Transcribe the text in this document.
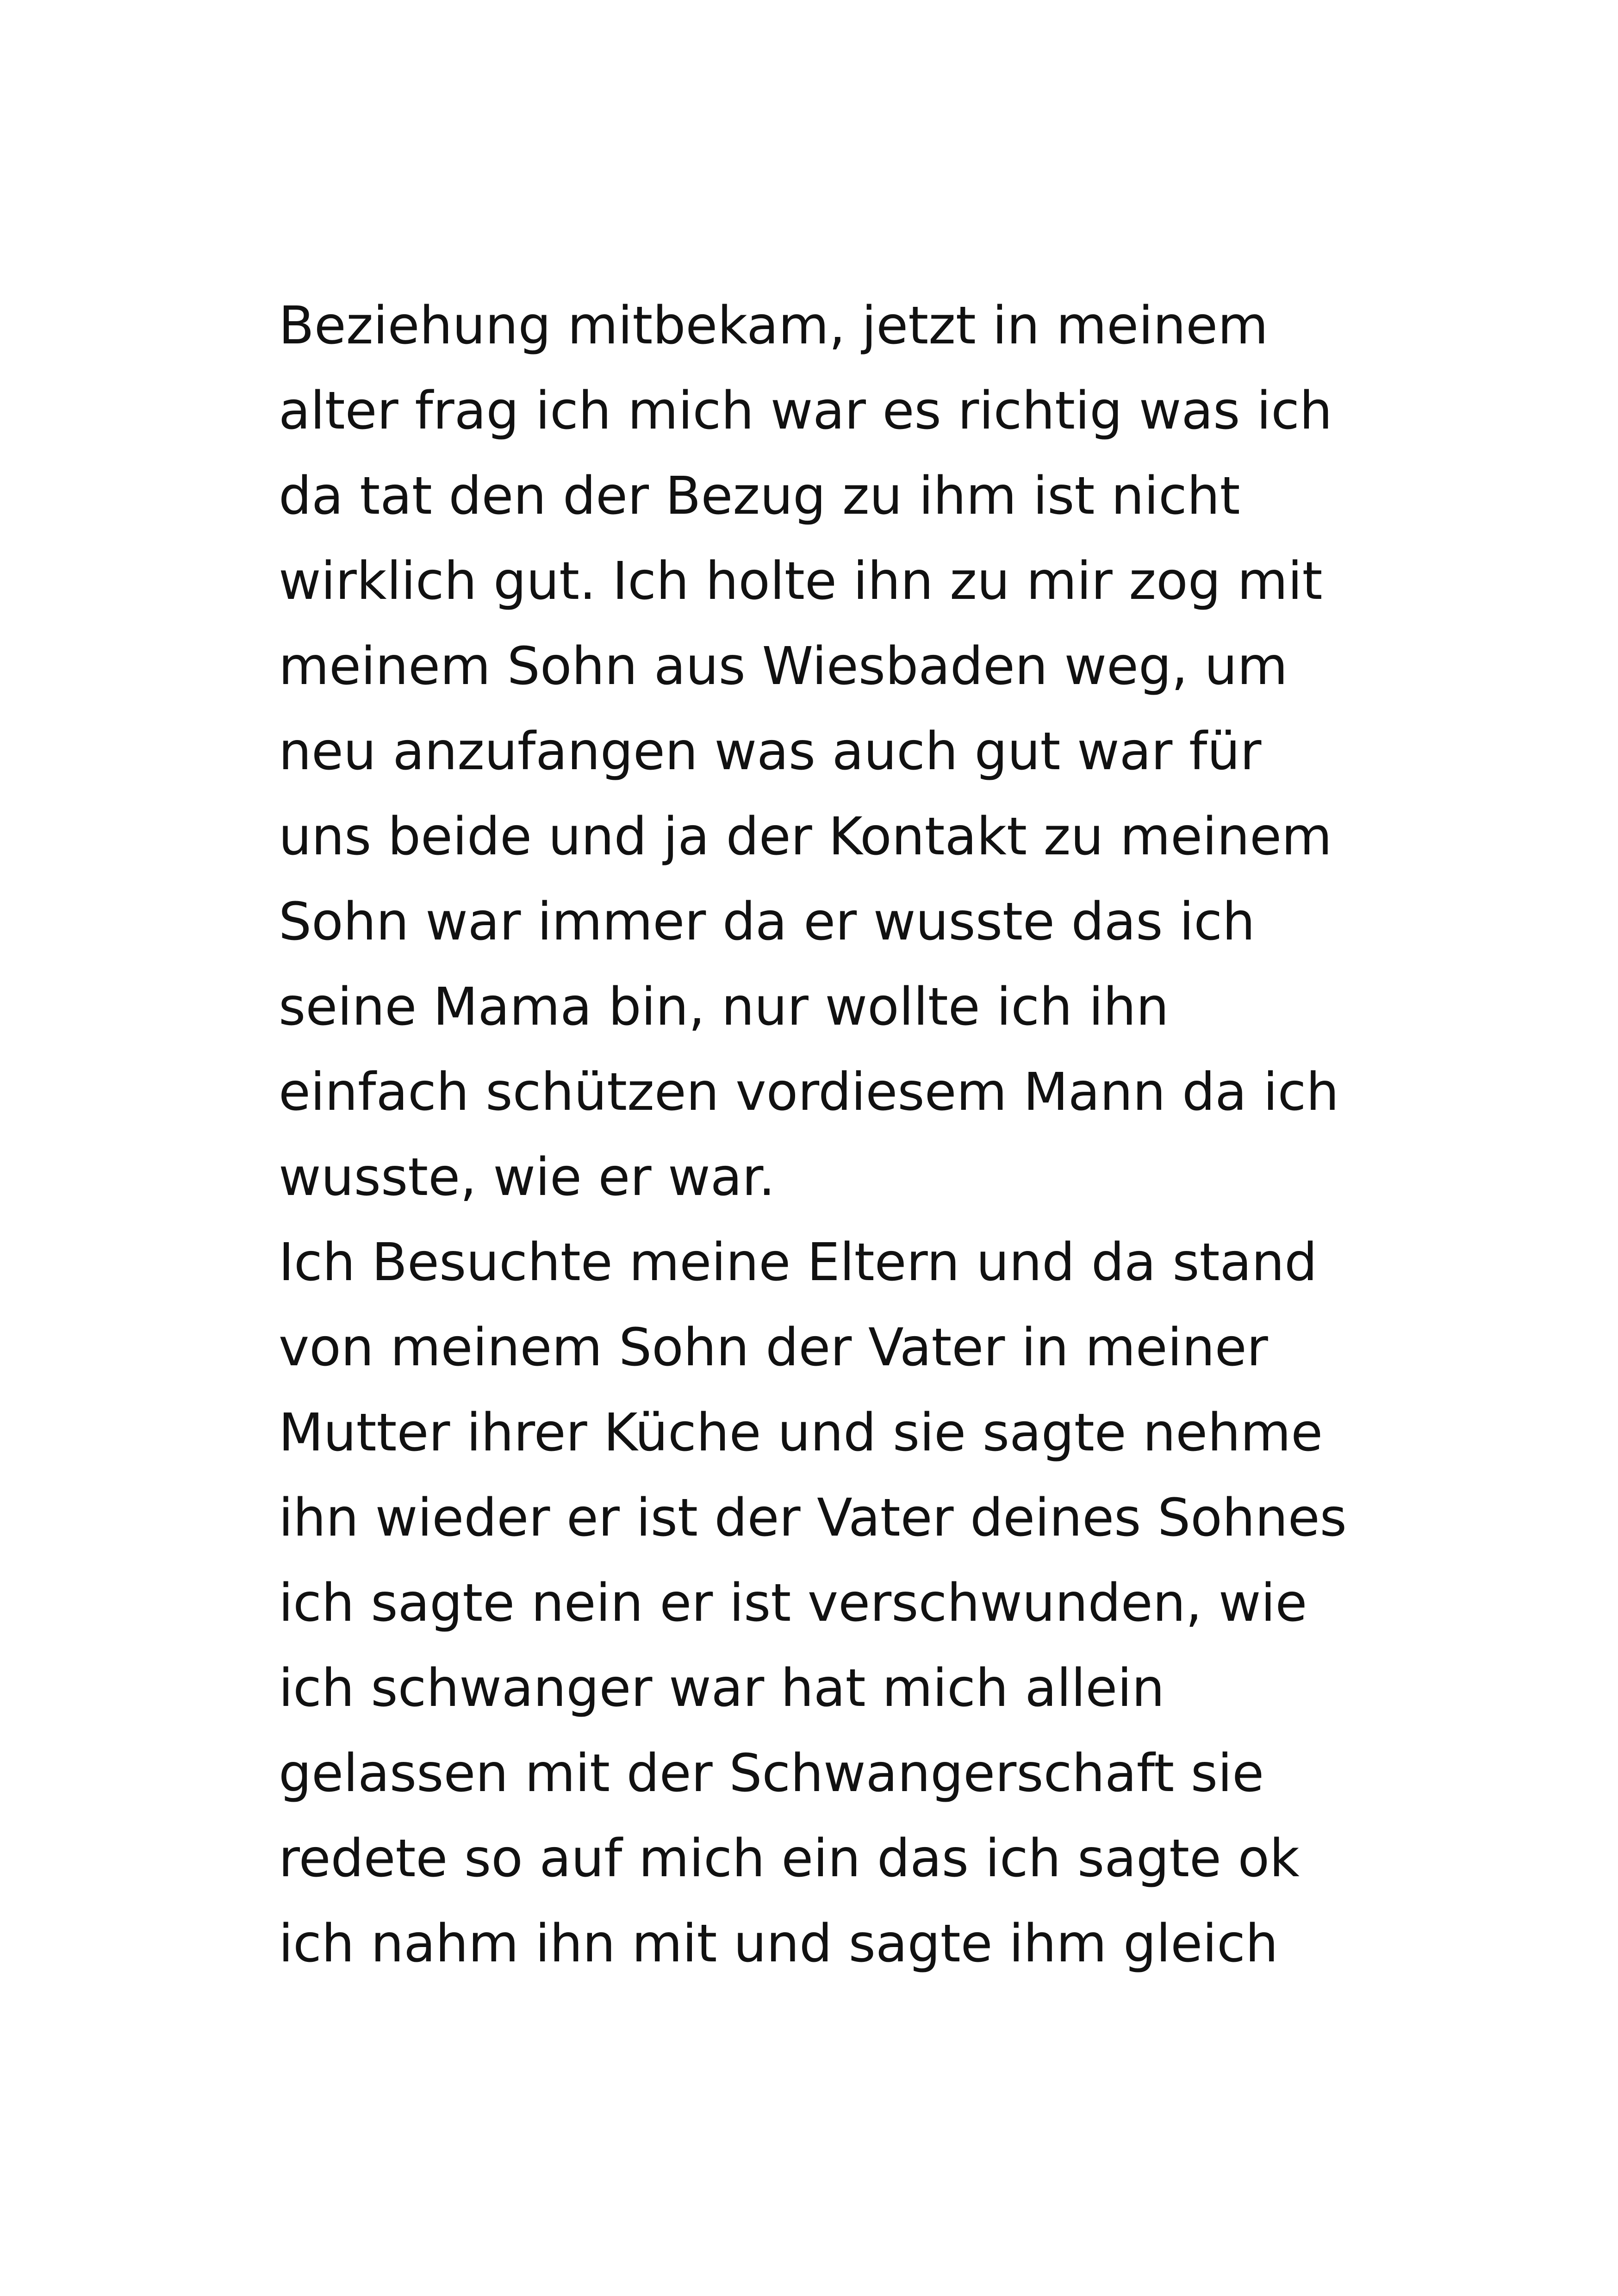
Beziehung mitbekam, jetzt in meinem
alter frag ich mich war es richtig was ich
da tat den der Bezug zu ihm ist nicht
wirklich gut. Ich holte ihn zu mir zog mit
meinem Sohn aus Wiesbaden weg, um
neu anzufangen was auch gut war für
uns beide und ja der Kontakt zu meinem
Sohn war immer da er wusste das ich
seine Mama bin, nur wollte ich ihn
einfach schützen vordiesem Mann da ich
wusste, wie er war.
Ich Besuchte meine Eltern und da stand
von meinem Sohn der Vater in meiner
Mutter ihrer Küche und sie sagte nehme
ihn wieder er ist der Vater deines Sohnes
ich sagte nein er ist verschwunden, wie
ich schwanger war hat mich allein
gelassen mit der Schwangerschaft sie
redete so auf mich ein das ich sagte ok
ich nahm ihn mit und sagte ihm gleich
